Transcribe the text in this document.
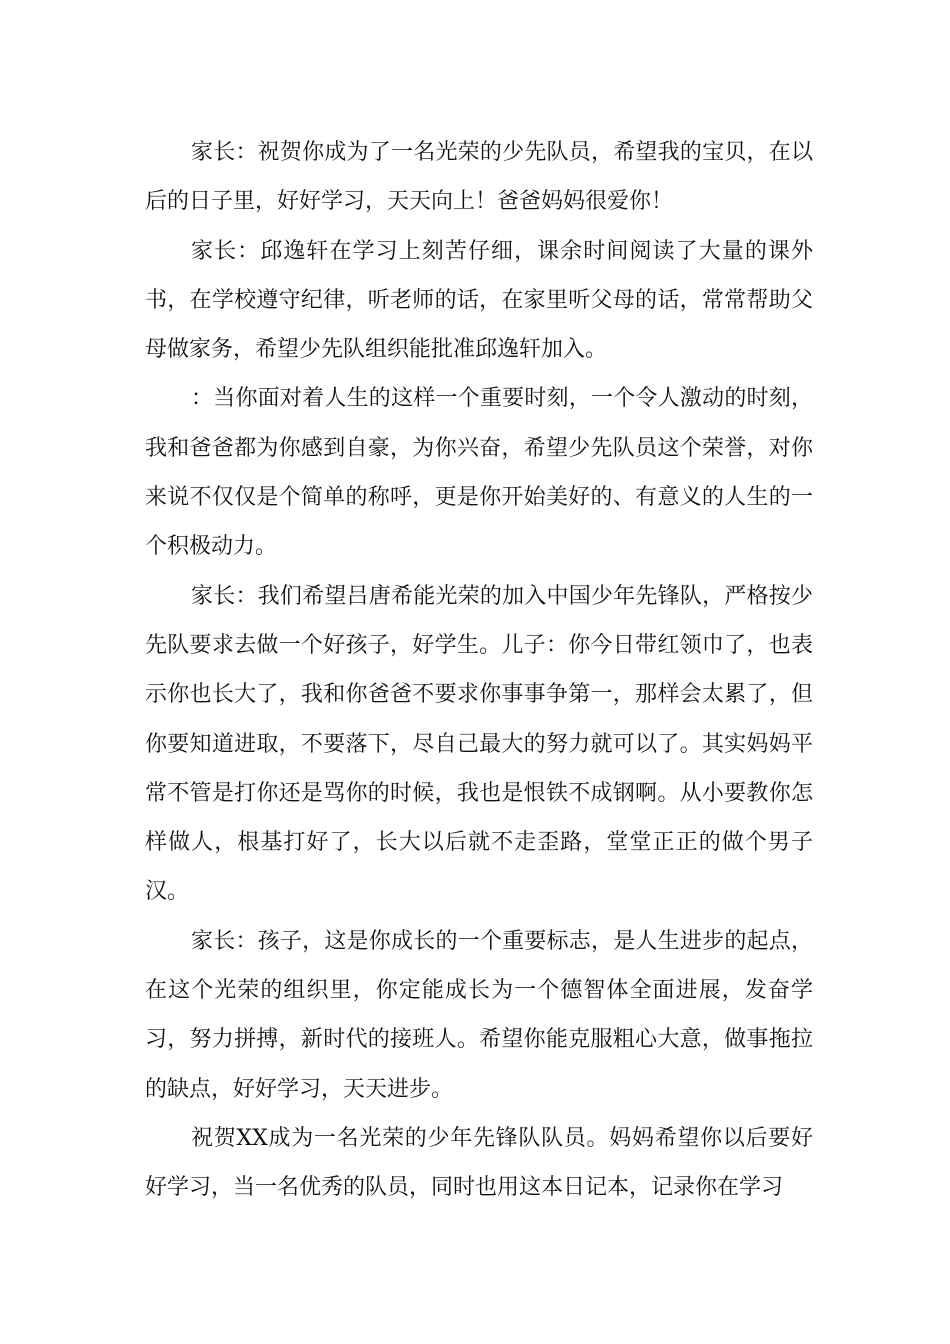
家长：祝贺你成为了一名光荣的少先队员，希望我的宝贝，在以后的日子里，好好学习，天天向上！爸爸妈妈很爱你！

家长：邱逸轩在学习上刻苦仔细，课余时间阅读了大量的课外书，在学校遵守纪律，听老师的话，在家里听父母的话，常常帮助父母做家务，希望少先队组织能批准邱逸轩加入。

：当你面对着人生的这样一个重要时刻，一个令人激动的时刻，我和爸爸都为你感到自豪，为你兴奋，希望少先队员这个荣誉，对你来说不仅仅是个简单的称呼，更是你开始美好的、有意义的人生的一个积极动力。

家长：我们希望吕唐希能光荣的加入中国少年先锋队，严格按少先队要求去做一个好孩子，好学生。儿子：你今日带红领巾了，也表示你也长大了，我和你爸爸不要求你事事争第一，那样会太累了，但你要知道进取，不要落下，尽自己最大的努力就可以了。其实妈妈平常不管是打你还是骂你的时候，我也是恨铁不成钢啊。从小要教你怎样做人，根基打好了，长大以后就不走歪路，堂堂正正的做个男子汉。

家长：孩子，这是你成长的一个重要标志，是人生进步的起点，在这个光荣的组织里，你定能成长为一个德智体全面进展，发奋学习，努力拼搏，新时代的接班人。希望你能克服粗心大意，做事拖拉的缺点，好好学习，天天进步。

祝贺XX成为一名光荣的少年先锋队队员。妈妈希望你以后要好好学习，当一名优秀的队员，同时也用这本日记本，记录你在学习
